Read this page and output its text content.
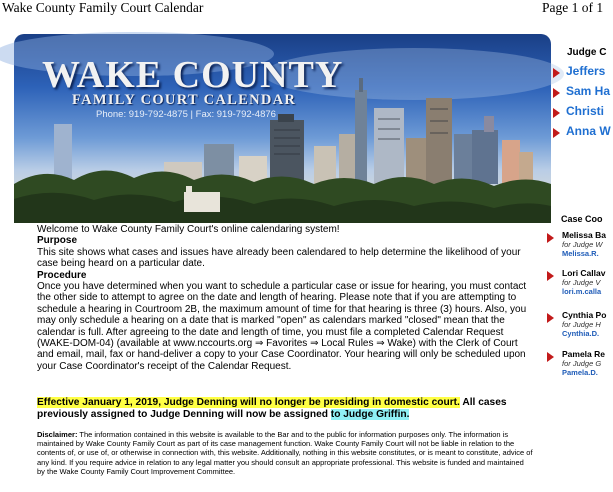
Wake County Family Court Calendar	Page 1 of 1
WAKE COUNTY
FAMILY COURT CALENDAR
Phone: 919-792-4875 | Fax: 919-792-4876

Welcome to Wake County Family Court's online calendaring system!

Purpose

This site shows what cases and issues have already been calendared to help determine the likelihood of your case being heard on a particular date.

Procedure

Once you have determined when you want to schedule a particular case or issue for hearing, you must contact the other side to attempt to agree on the date and length of hearing. Please note that if you are attempting to schedule a hearing in Courtroom 2B, the maximum amount of time for that hearing is three (3) hours. Also, you may only schedule a hearing on a date that is marked "open" as calendars marked "closed" mean that the calendar is full. After agreeing to the date and length of time, you must file a completed Calendar Request (WAKE-DOM-04) (available at www.nccourts.org ⇒ Favorites ⇒ Local Rules ⇒ Wake) with the Clerk of Court and email, mail, fax or hand-deliver a copy to your Case Coordinator. Your hearing will only be scheduled upon your Case Coordinator's receipt of the Calendar Request.

Effective January 1, 2019, Judge Denning will no longer be presiding in domestic court. All cases previously assigned to Judge Denning will now be assigned to Judge Griffin.
Disclaimer: The information contained in this website is available to the Bar and to the public for information purposes only. The information is maintained by Wake County Family Court as part of its case management function. Wake County Family Court will not be liable in relation to the contents of, or use of, or otherwise in connection with, this website. Additionally, nothing in this website constitutes, or is meant to constitute, advice of any kind. If you require advice in relation to any legal matter you should consult an appropriate professional. This website is funded and maintained by the Wake County Family Court Improvement Committee.
Judge C
Jeffers
Sam Ha
Christi
Anna W
Case Coo
Melissa Ba
for Judge W
Melissa.R.
Lori Callav
for Judge V
lori.m.calla
Cynthia Po
for Judge H
Cynthia.D.
Pamela Re
for Judge G
Pamela.D.
